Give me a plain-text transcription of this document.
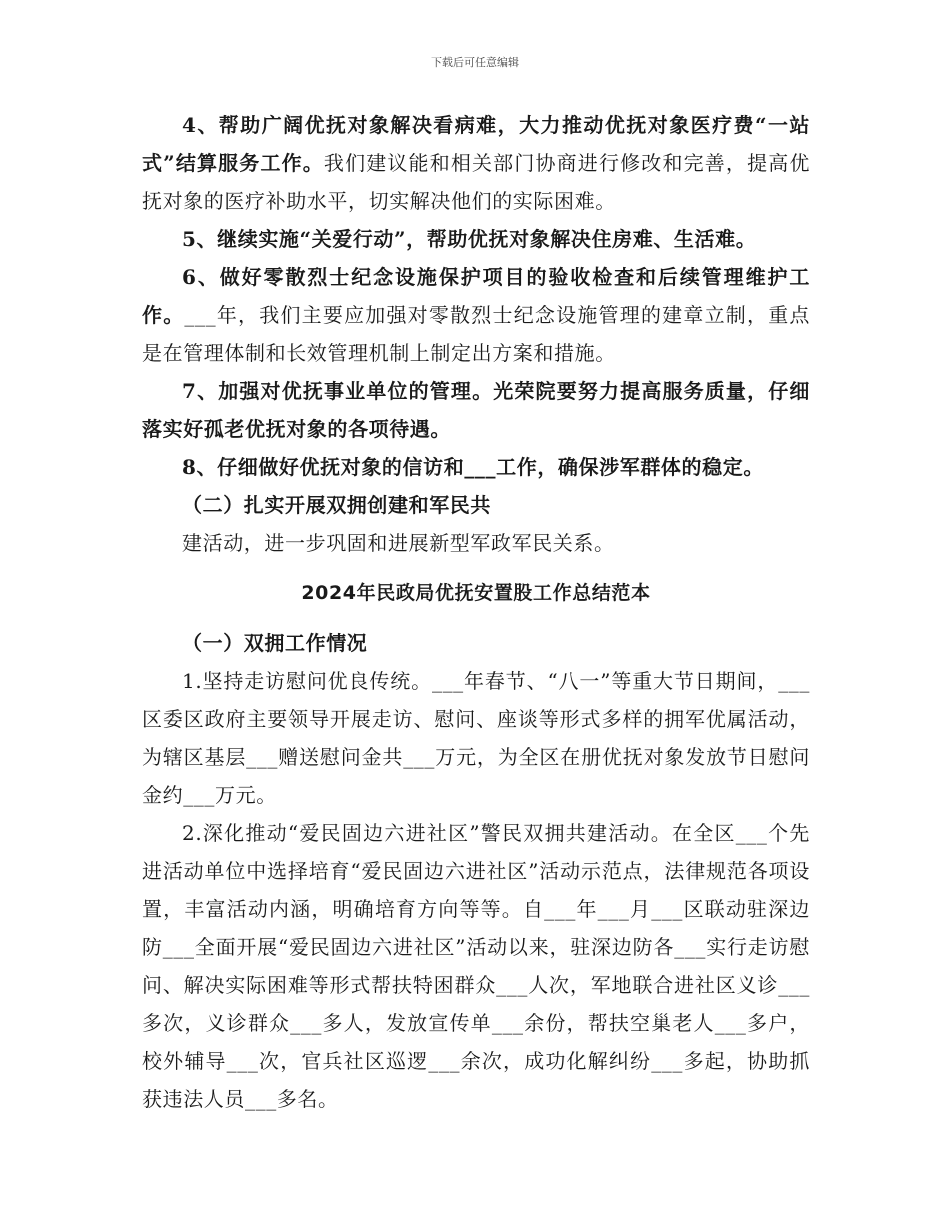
下载后可任意编辑

4、帮助广阔优抚对象解决看病难，大力推动优抚对象医疗费“一站式”结算服务工作。我们建议能和相关部门协商进行修改和完善，提高优抚对象的医疗补助水平，切实解决他们的实际困难。

5、继续实施“关爱行动”，帮助优抚对象解决住房难、生活难。

6、做好零散烈士纪念设施保护项目的验收检查和后续管理维护工作。___年，我们主要应加强对零散烈士纪念设施管理的建章立制，重点是在管理体制和长效管理机制上制定出方案和措施。

7、加强对优抚事业单位的管理。光荣院要努力提高服务质量，仔细落实好孤老优抚对象的各项待遇。

8、仔细做好优抚对象的信访和___工作，确保涉军群体的稳定。

（二）扎实开展双拥创建和军民共

建活动，进一步巩固和进展新型军政军民关系。

2024年民政局优抚安置股工作总结范本

（一）双拥工作情况

1.坚持走访慰问优良传统。___年春节、“八一”等重大节日期间，___区委区政府主要领导开展走访、慰问、座谈等形式多样的拥军优属活动，为辖区基层___赠送慰问金共___万元，为全区在册优抚对象发放节日慰问金约___万元。

2.深化推动“爱民固边六进社区”警民双拥共建活动。在全区___个先进活动单位中选择培育“爱民固边六进社区”活动示范点，法律规范各项设置，丰富活动内涵，明确培育方向等等。自___年___月___区联动驻深边防___全面开展“爱民固边六进社区”活动以来，驻深边防各___实行走访慰问、解决实际困难等形式帮扶特困群众___人次，军地联合进社区义诊___多次，义诊群众___多人，发放宣传单___余份，帮扶空巢老人___多户，校外辅导___次，官兵社区巡逻___余次，成功化解纠纷___多起，协助抓获违法人员___多名。
